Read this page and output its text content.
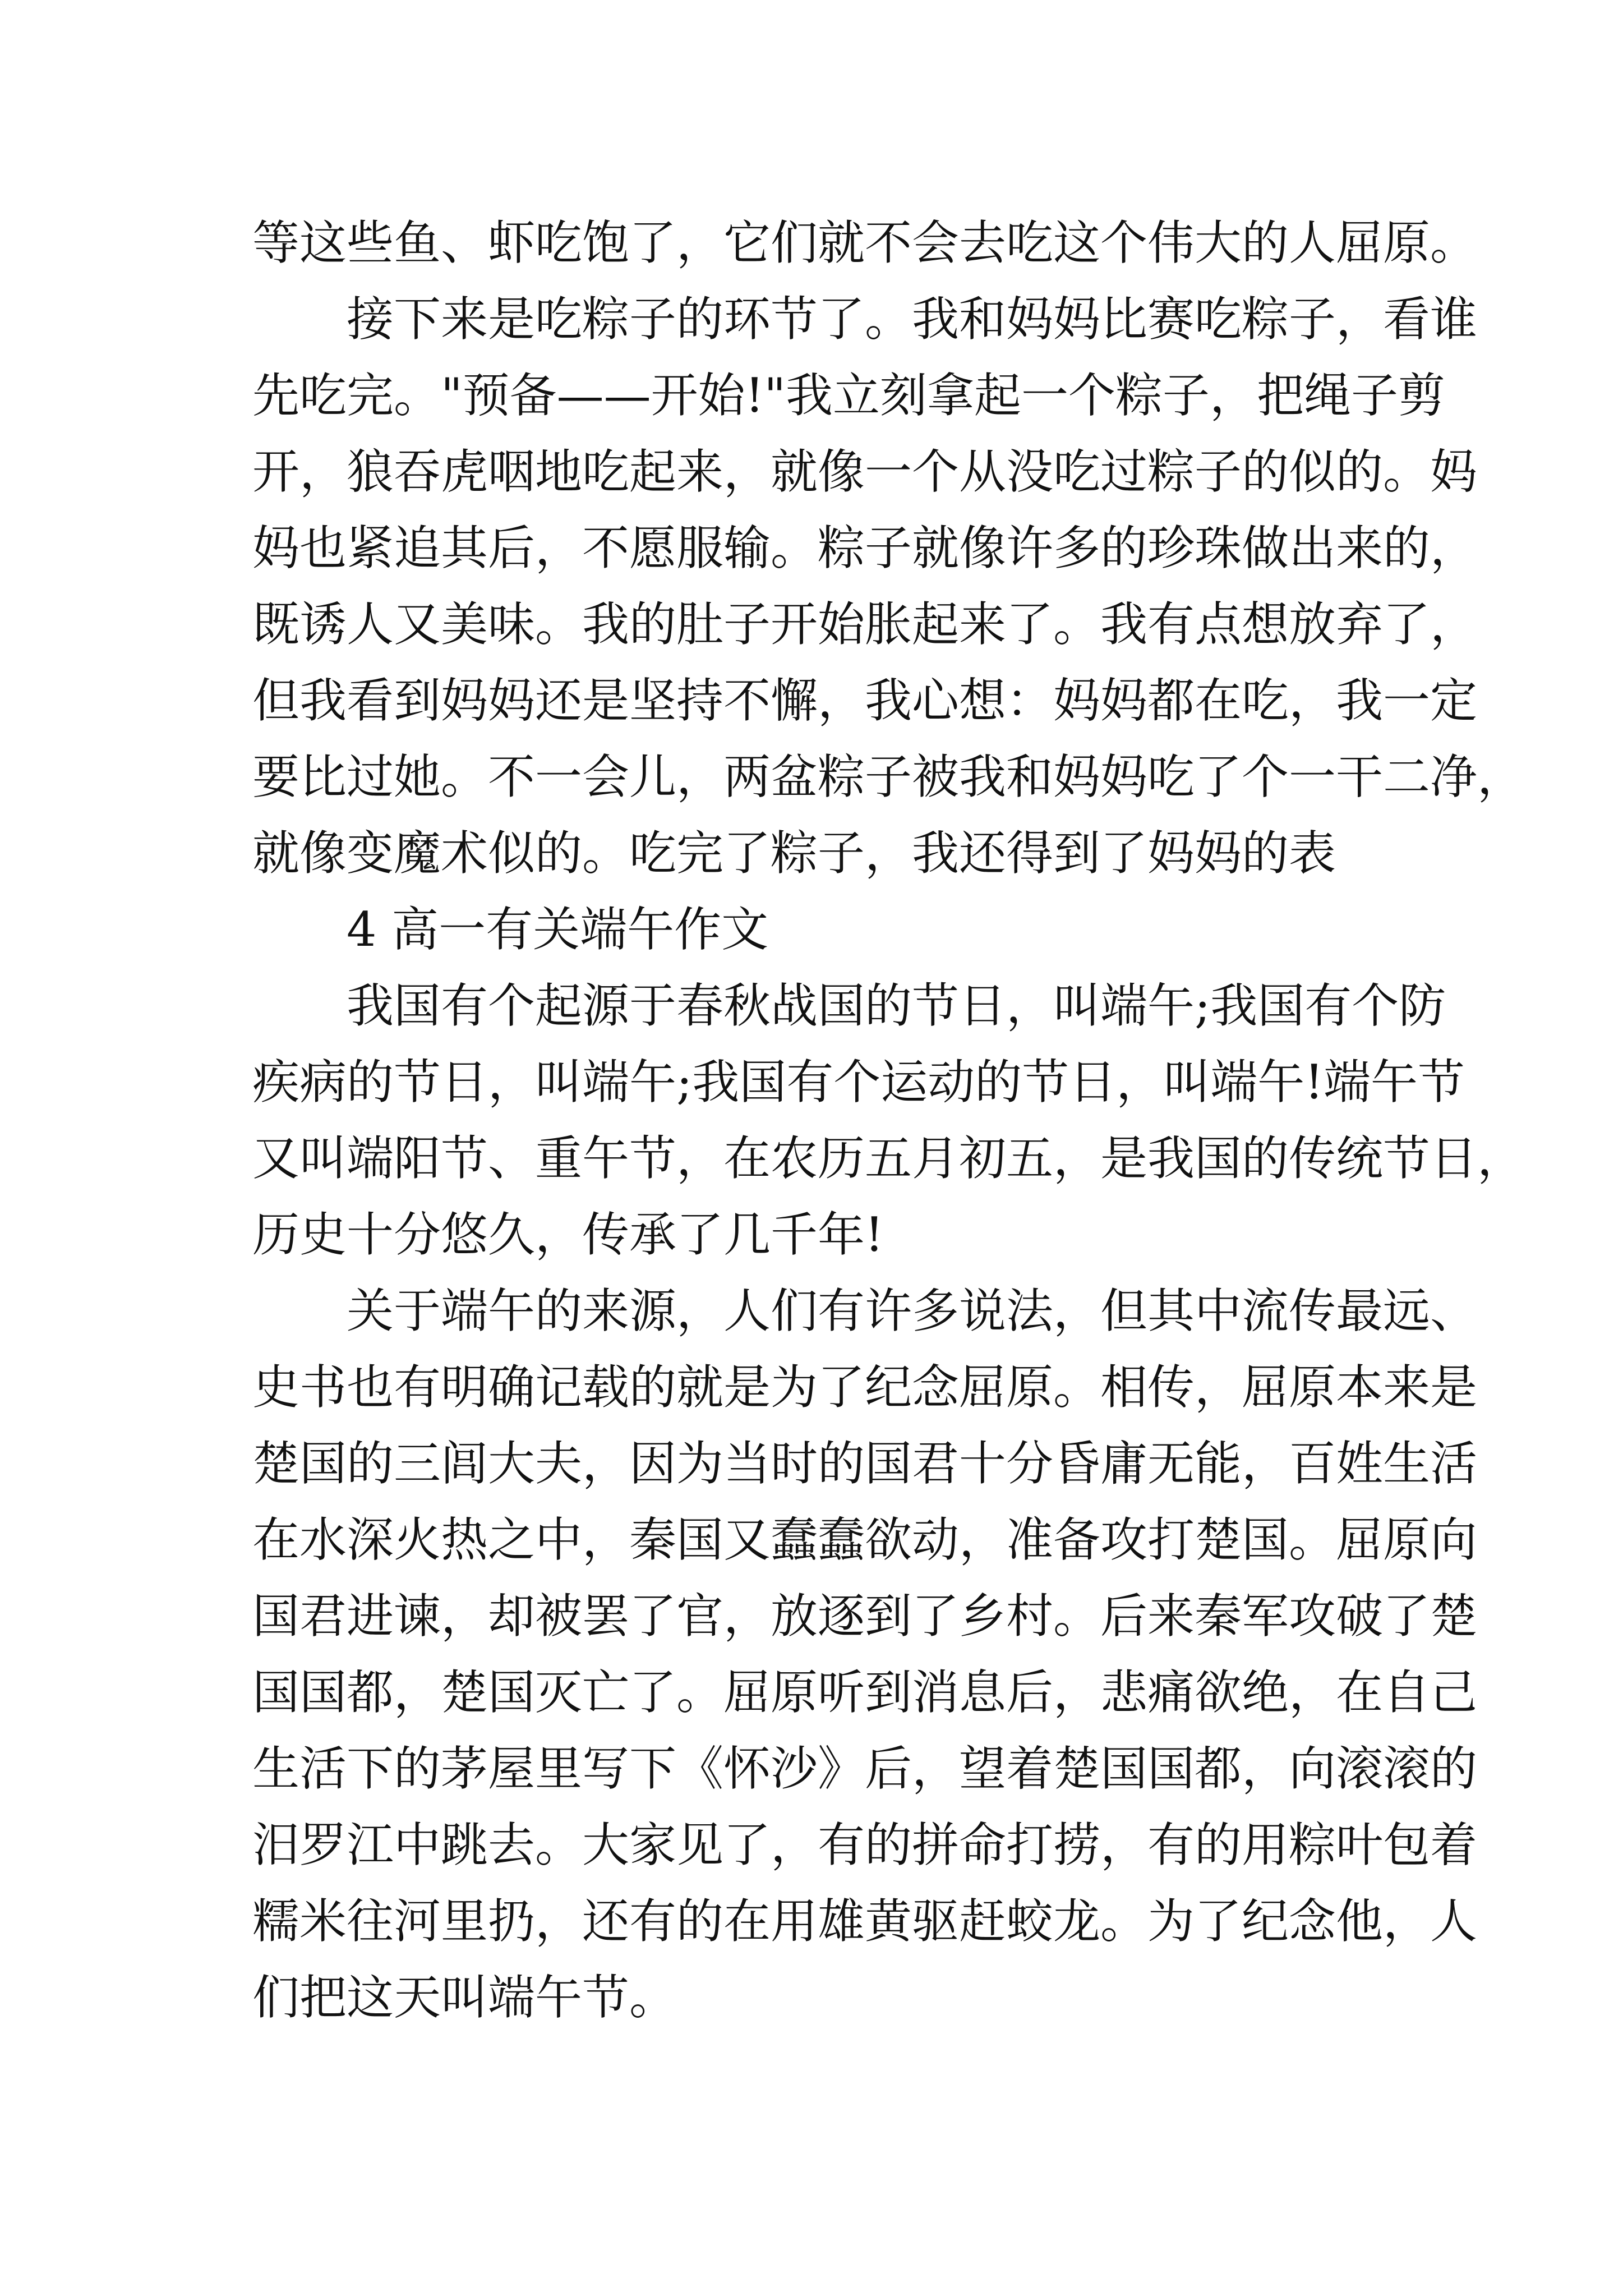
等这些鱼、虾吃饱了，它们就不会去吃这个伟大的人屈原。
接下来是吃粽子的环节了。我和妈妈比赛吃粽子，看谁
先吃完。"预备——开始!"我立刻拿起一个粽子，把绳子剪
开，狼吞虎咽地吃起来，就像一个从没吃过粽子的似的。妈
妈也紧追其后，不愿服输。粽子就像许多的珍珠做出来的，
既诱人又美味。我的肚子开始胀起来了。我有点想放弃了，
但我看到妈妈还是坚持不懈，我心想：妈妈都在吃，我一定
要比过她。不一会儿，两盆粽子被我和妈妈吃了个一干二净，
就像变魔术似的。吃完了粽子，我还得到了妈妈的表
4 高一有关端午作文
我国有个起源于春秋战国的节日，叫端午;我国有个防
疾病的节日，叫端午;我国有个运动的节日，叫端午!端午节
又叫端阳节、重午节，在农历五月初五，是我国的传统节日，
历史十分悠久，传承了几千年!
关于端午的来源，人们有许多说法，但其中流传最远、
史书也有明确记载的就是为了纪念屈原。相传，屈原本来是
楚国的三闾大夫，因为当时的国君十分昏庸无能，百姓生活
在水深火热之中，秦国又蠢蠢欲动，准备攻打楚国。屈原向
国君进谏，却被罢了官，放逐到了乡村。后来秦军攻破了楚
国国都，楚国灭亡了。屈原听到消息后，悲痛欲绝，在自己
生活下的茅屋里写下《怀沙》后，望着楚国国都，向滚滚的
汨罗江中跳去。大家见了，有的拼命打捞，有的用粽叶包着
糯米往河里扔，还有的在用雄黄驱赶蛟龙。为了纪念他，人
们把这天叫端午节。
